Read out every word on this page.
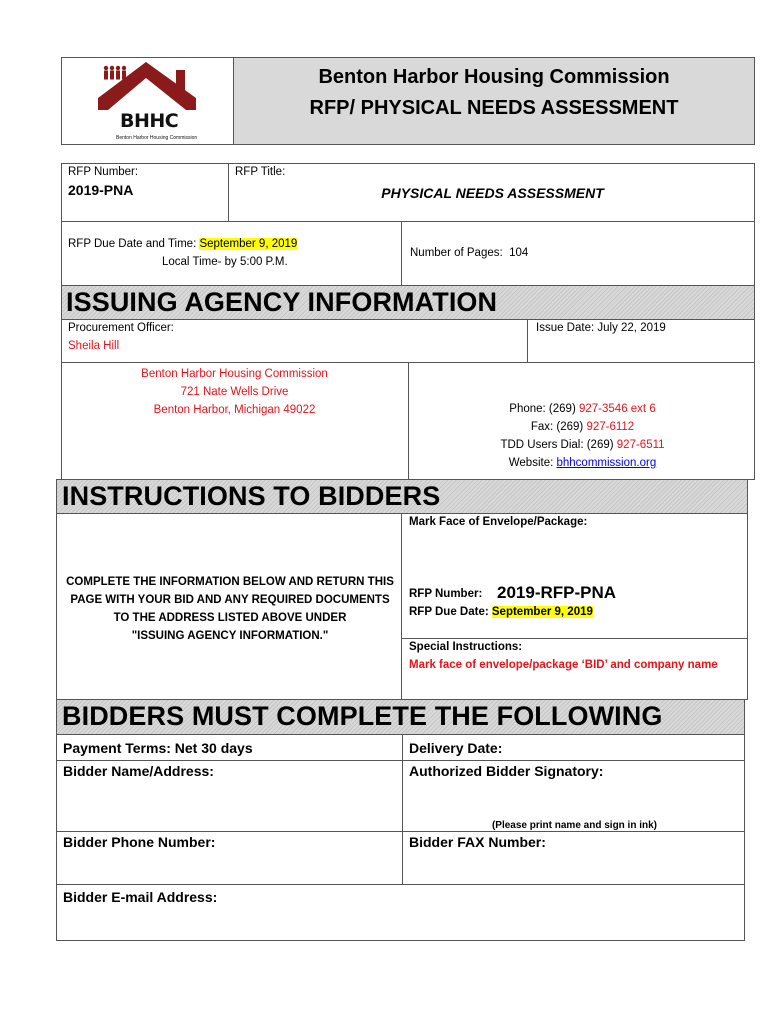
BHHC
Benton Harbor Housing Commission
Benton Harbor Housing Commission
RFP/ PHYSICAL NEEDS ASSESSMENT
RFP Number:
2019-PNA
RFP Title:
PHYSICAL NEEDS ASSESSMENT
RFP Due Date and Time: September 9, 2019
Local Time- by 5:00 P.M.
Number of Pages: 104
ISSUING AGENCY INFORMATION
Procurement Officer:
Sheila Hill
Issue Date: July 22, 2019
Benton Harbor Housing Commission
721 Nate Wells Drive
Benton Harbor, Michigan 49022	Phone: (269) 927-3546 ext 6
Fax: (269) 927-6112
TDD Users Dial: (269) 927-6511
Website: bhhcommission.org
INSTRUCTIONS TO BIDDERS
COMPLETE THE INFORMATION BELOW AND RETURN THIS
PAGE WITH YOUR BID AND ANY REQUIRED DOCUMENTS
TO THE ADDRESS LISTED ABOVE UNDER
"ISSUING AGENCY INFORMATION."
Mark Face of Envelope/Package:
RFP Number: 2019-RFP-PNA
RFP Due Date: September 9, 2019
Special Instructions:
Mark face of envelope/package ‘BID’ and company name
BIDDERS MUST COMPLETE THE FOLLOWING
Payment Terms: Net 30 days	Delivery Date:
Bidder Name/Address:	Authorized Bidder Signatory:
(Please print name and sign in ink)
Bidder Phone Number:	Bidder FAX Number:
Bidder E-mail Address:
